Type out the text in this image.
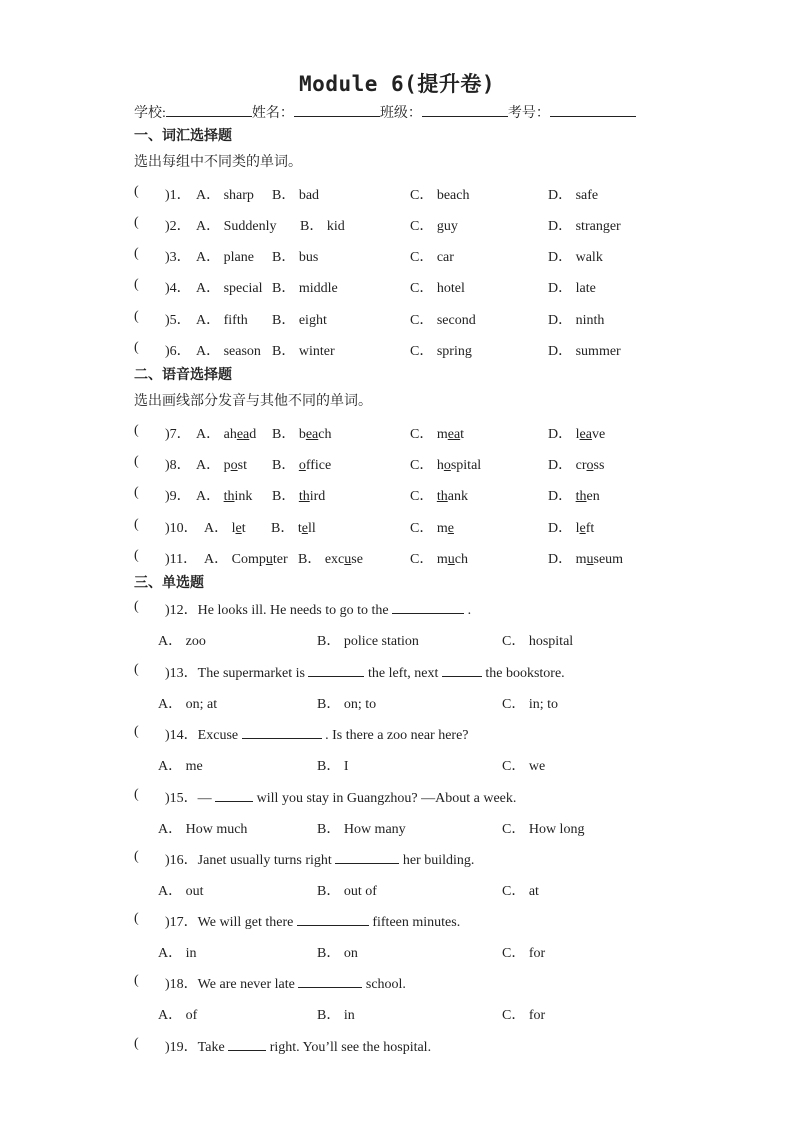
Module 6(提升卷)
学校:	姓名：	班级：	考号：
一、词汇选择题
选出每组中不同类的单词。
( )1． A． sharp B． bad	C． beach	D． safe
( )2． A． Suddenly B． kid	C． guy	D． stranger
( )3． A． plane B． bus	C． car	D． walk
( )4． A． special B． middle	C． hotel	D． late
( )5． A． fifth B． eight	C． second	D． ninth
( )6． A． season B． winter	C． spring	D． summer
二、语音选择题
选出画线部分发音与其他不同的单词。
( )7． A． ahead B． beach	C． meat	D． leave
( )8． A． post B． office	C． hospital	D． cross
( )9． A． think B． third	C． thank	D． then
( )10． A． let B． tell	C． me	D． left
( )11． A． Computer B． excuse	C． much	D． museum
三、单选题
( )12．He looks ill. He needs to go to the	.
A． zoo	B． police station	C． hospital
( )13．The supermarket is	the left, next	the bookstore.
A． on; at	B． on; to	C． in; to
( )14．Excuse	. Is there a zoo near here?
A． me	B． I	C． we
( )15．—	will you stay in Guangzhou? —About a week.
A． How much	B． How many	C． How long
( )16．Janet usually turns right	her building.
A． out	B． out of	C． at
( )17．We will get there	fifteen minutes.
A． in	B． on	C． for
( )18．We are never late	school.
A． of	B． in	C． for
( )19．Take	right. You’ll see the hospital.
